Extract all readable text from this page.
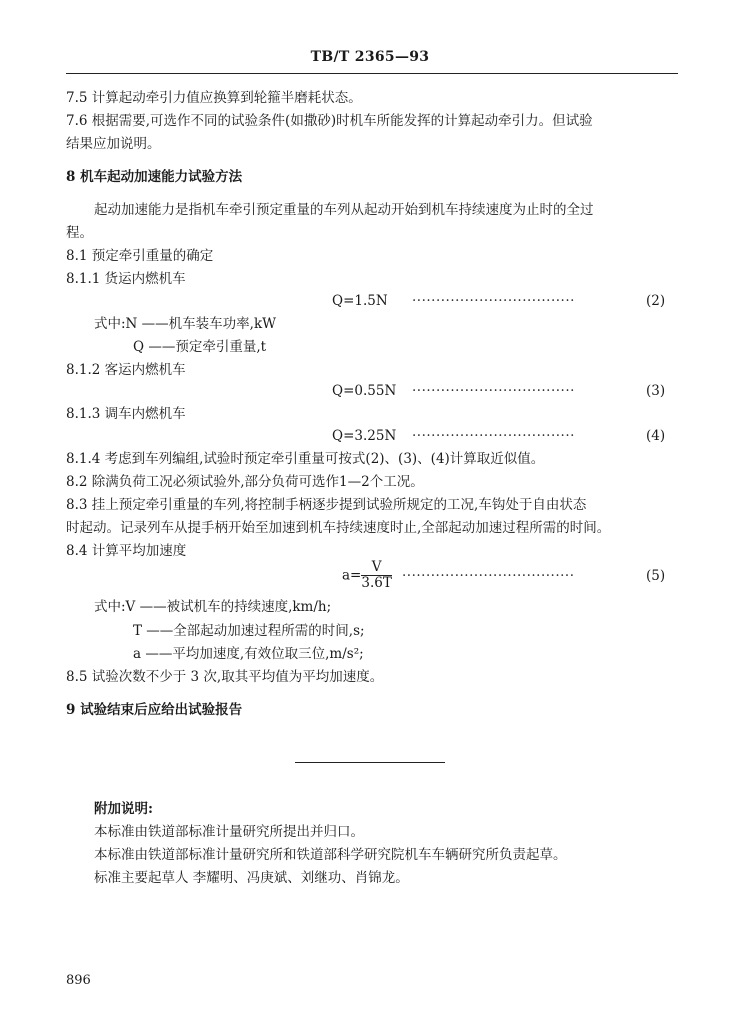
TB/T 2365—93
7.5 计算起动牵引力值应换算到轮箍半磨耗状态。
7.6 根据需要,可选作不同的试验条件(如撒砂)时机车所能发挥的计算起动牵引力。但试验
结果应加说明。
8 机车起动加速能力试验方法
起动加速能力是指机车牵引预定重量的车列从起动开始到机车持续速度为止时的全过
程。
8.1 预定牵引重量的确定
8.1.1 货运内燃机车
Q=1.5N ··································	(2)
式中:N ——机车装车功率,kW
Q ——预定牵引重量,t
8.1.2 客运内燃机车
Q=0.55N ··································	(3)
8.1.3 调车内燃机车
Q=3.25N ··································	(4)
8.1.4 考虑到车列编组,试验时预定牵引重量可按式(2)、(3)、(4)计算取近似值。
8.2 除满负荷工况必须试验外,部分负荷可选作1—2个工况。
8.3 挂上预定牵引重量的车列,将控制手柄逐步提到试验所规定的工况,车钩处于自由状态
时起动。记录列车从提手柄开始至加速到机车持续速度时止,全部起动加速过程所需的时间。
8.4 计算平均加速度
$a= \frac{V}{3.6T}$ ····································	(5)
式中:V ——被试机车的持续速度,km/h;
T ——全部起动加速过程所需的时间,s;
a ——平均加速度,有效位取三位,m/s²;
8.5 试验次数不少于 3 次,取其平均值为平均加速度。
9 试验结束后应给出试验报告
附加说明:
本标准由铁道部标准计量研究所提出并归口。
本标准由铁道部标准计量研究所和铁道部科学研究院机车车辆研究所负责起草。
标准主要起草人 李耀明、冯庚斌、刘继功、肖锦龙。
896
